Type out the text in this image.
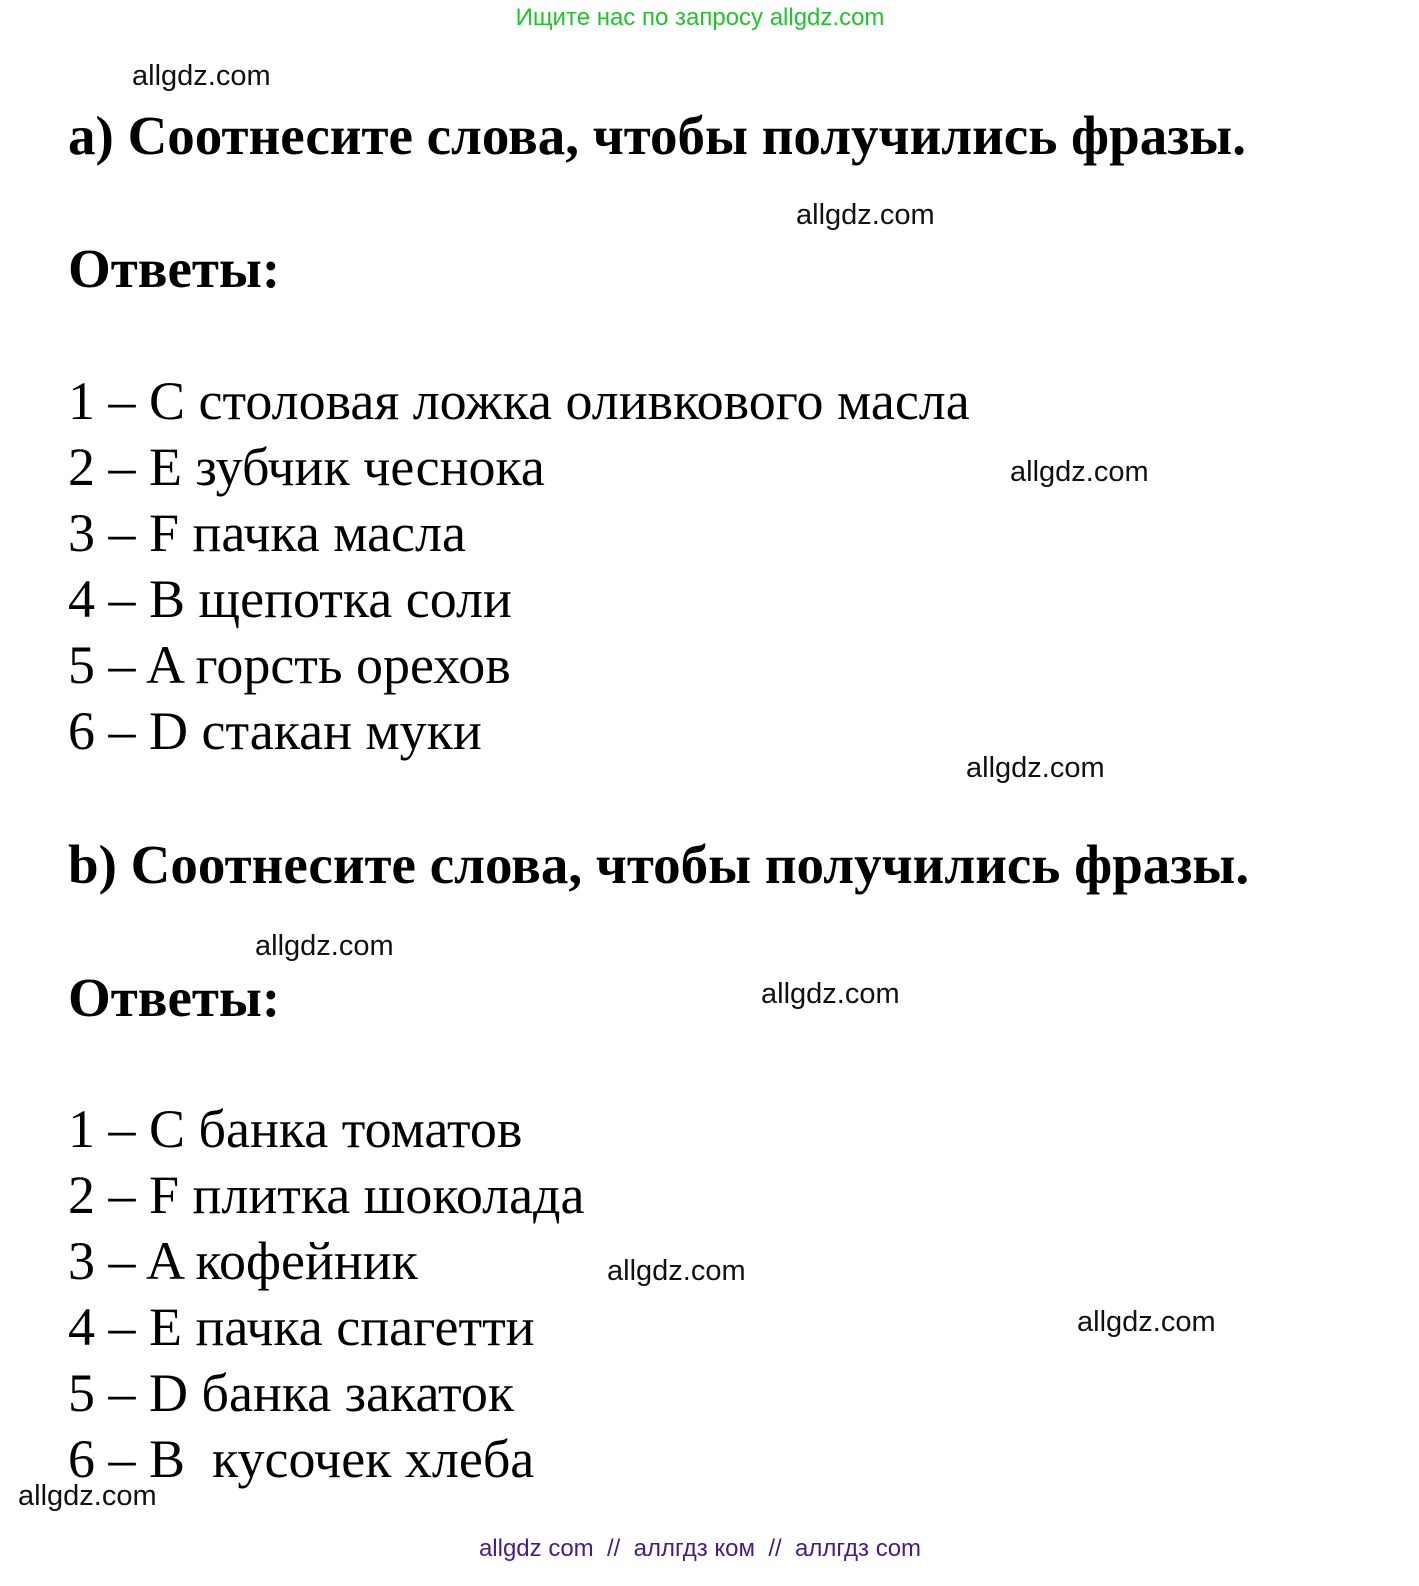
Ищите нас по запросу allgdz.com
allgdz.com
allgdz.com
allgdz.com
allgdz.com
allgdz.com
allgdz.com
allgdz.com
allgdz.com
allgdz.com
a) Соотнесите слова, чтобы получились фразы.
Ответы:
1 – C столовая ложка оливкового масла
2 – E зубчик чеснока
3 – F пачка масла
4 – B щепотка соли
5 – A горсть орехов
6 – D стакан муки
b) Соотнесите слова, чтобы получились фразы.
Ответы:
1 – C банка томатов
2 – F плитка шоколада
3 – A кофейник
4 – E пачка спагетти
5 – D банка закаток
6 – B  кусочек хлеба
allgdz com  //  аллгдз ком  //  аллгдз com
